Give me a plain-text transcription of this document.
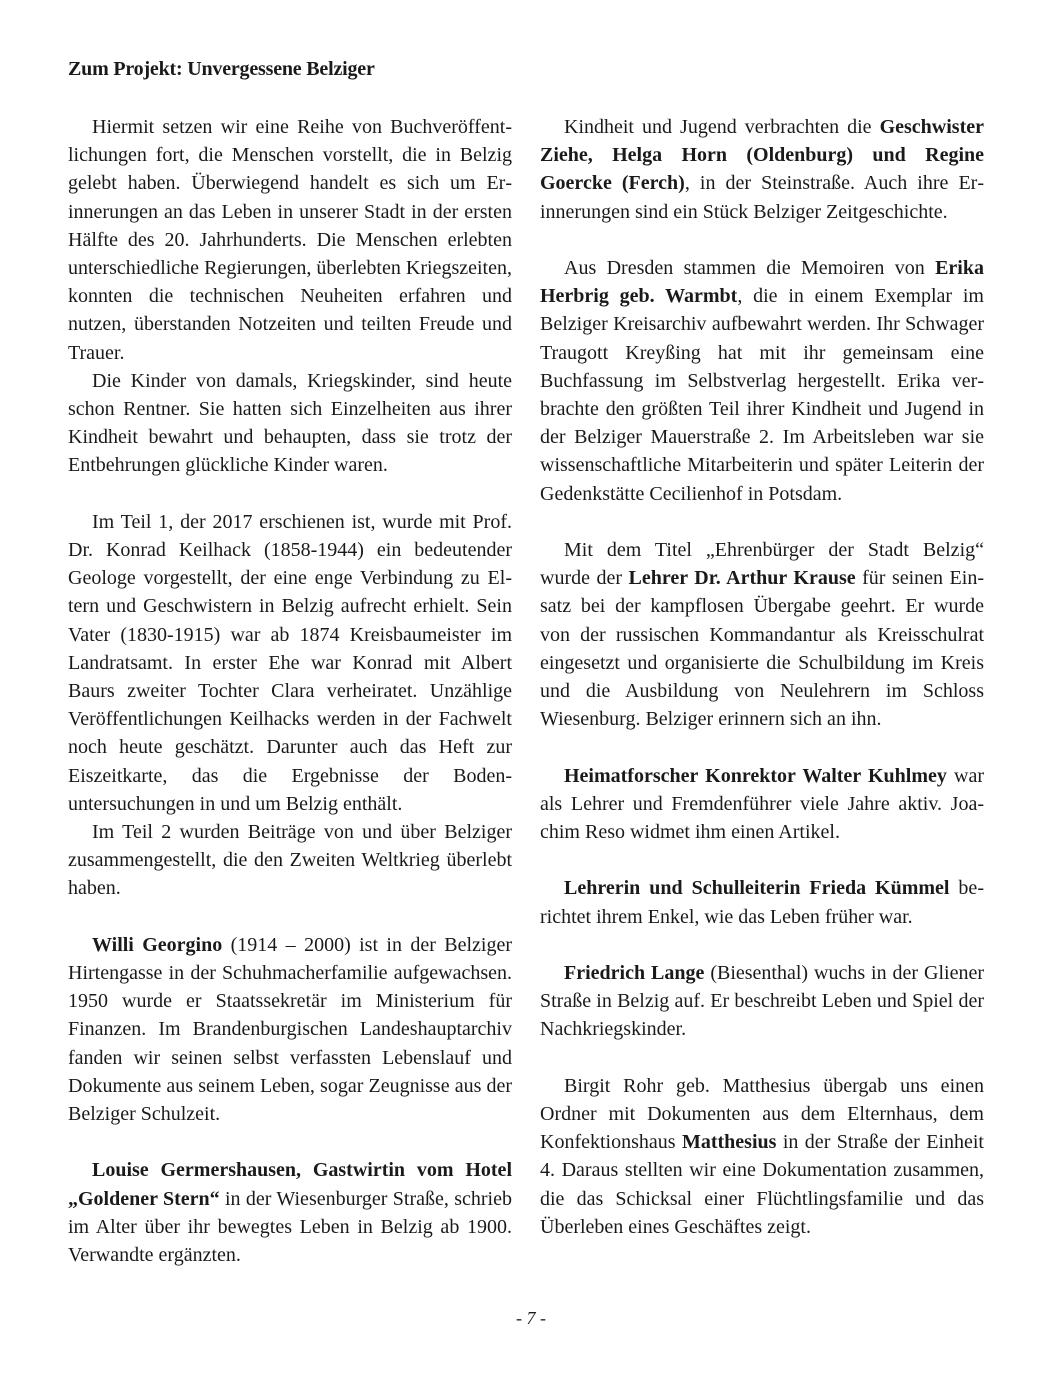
Zum Projekt: Unvergessene Belziger

Hiermit setzen wir eine Reihe von Buchveröffentlichungen fort, die Menschen vorstellt, die in Belzig gelebt haben. Überwiegend handelt es sich um Erinnerungen an das Leben in unserer Stadt in der ersten Hälfte des 20. Jahrhunderts. Die Menschen erlebten unterschiedliche Regierungen, überlebten Kriegszeiten, konnten die technischen Neuheiten erfahren und nutzen, überstanden Notzeiten und teilten Freude und Trauer.

Die Kinder von damals, Kriegskinder, sind heute schon Rentner. Sie hatten sich Einzelheiten aus ihrer Kindheit bewahrt und behaupten, dass sie trotz der Entbehrungen glückliche Kinder waren.

Im Teil 1, der 2017 erschienen ist, wurde mit Prof. Dr. Konrad Keilhack (1858-1944) ein bedeutender Geologe vorgestellt, der eine enge Verbindung zu Eltern und Geschwistern in Belzig aufrecht erhielt. Sein Vater (1830-1915) war ab 1874 Kreisbaumeister im Landratsamt. In erster Ehe war Konrad mit Albert Baurs zweiter Tochter Clara verheiratet. Unzählige Veröffentlichungen Keilhacks werden in der Fachwelt noch heute geschätzt. Darunter auch das Heft zur Eiszeitkarte, das die Ergebnisse der Bodenuntersuchungen in und um Belzig enthält.

Im Teil 2 wurden Beiträge von und über Belziger zusammengestellt, die den Zweiten Weltkrieg überlebt haben.

Willi Georgino (1914 – 2000) ist in der Belziger Hirtengasse in der Schuhmacherfamilie aufgewachsen. 1950 wurde er Staatssekretär im Ministerium für Finanzen. Im Brandenburgischen Landeshauptarchiv fanden wir seinen selbst verfassten Lebenslauf und Dokumente aus seinem Leben, sogar Zeugnisse aus der Belziger Schulzeit.

Louise Germershausen, Gastwirtin vom Hotel „Goldener Stern“ in der Wiesenburger Straße, schrieb im Alter über ihr bewegtes Leben in Belzig ab 1900. Verwandte ergänzten.

Kindheit und Jugend verbrachten die Geschwister Ziehe, Helga Horn (Oldenburg) und Regine Goercke (Ferch), in der Steinstraße. Auch ihre Erinnerungen sind ein Stück Belziger Zeitgeschichte.

Aus Dresden stammen die Memoiren von Erika Herbrig geb. Warmbt, die in einem Exemplar im Belziger Kreisarchiv aufbewahrt werden. Ihr Schwager Traugott Kreyßing hat mit ihr gemeinsam eine Buchfassung im Selbstverlag hergestellt. Erika verbrachte den größten Teil ihrer Kindheit und Jugend in der Belziger Mauerstraße 2. Im Arbeitsleben war sie wissenschaftliche Mitarbeiterin und später Leiterin der Gedenkstätte Cecilienhof in Potsdam.

Mit dem Titel „Ehrenbürger der Stadt Belzig“ wurde der Lehrer Dr. Arthur Krause für seinen Einsatz bei der kampflosen Übergabe geehrt. Er wurde von der russischen Kommandantur als Kreisschulrat eingesetzt und organisierte die Schulbildung im Kreis und die Ausbildung von Neulehrern im Schloss Wiesenburg. Belziger erinnern sich an ihn.

Heimatforscher Konrektor Walter Kuhlmey war als Lehrer und Fremdenführer viele Jahre aktiv. Joachim Reso widmet ihm einen Artikel.

Lehrerin und Schulleiterin Frieda Kümmel berichtet ihrem Enkel, wie das Leben früher war.

Friedrich Lange (Biesenthal) wuchs in der Gliener Straße in Belzig auf. Er beschreibt Leben und Spiel der Nachkriegskinder.

Birgit Rohr geb. Matthesius übergab uns einen Ordner mit Dokumenten aus dem Elternhaus, dem Konfektionshaus Matthesius in der Straße der Einheit 4. Daraus stellten wir eine Dokumentation zusammen, die das Schicksal einer Flüchtlingsfamilie und das Überleben eines Geschäftes zeigt.

- 7 -
